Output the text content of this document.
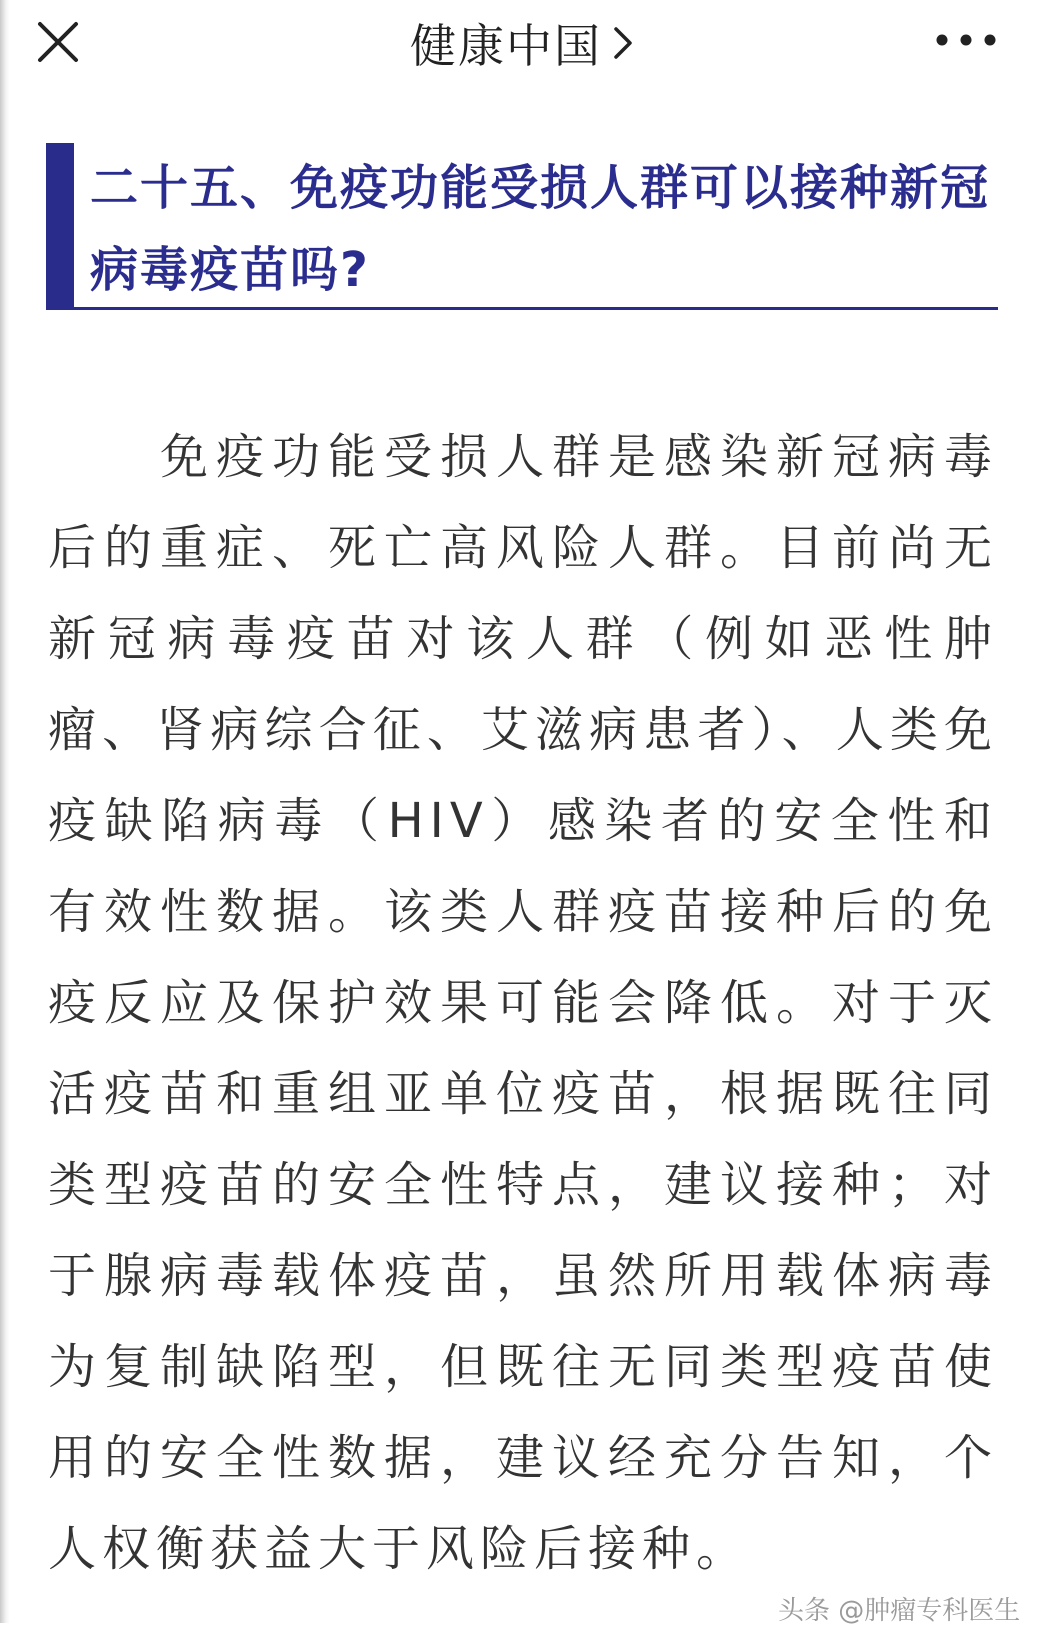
健康中国
二十五、免疫功能受损人群可以接种新冠病毒疫苗吗?

免疫功能受损人群是感染新冠病毒后的重症、死亡高风险人群。目前尚无新冠病毒疫苗对该人群（例如恶性肿瘤、肾病综合征、艾滋病患者）、人类免疫缺陷病毒（HIV）感染者的安全性和有效性数据。该类人群疫苗接种后的免疫反应及保护效果可能会降低。对于灭活疫苗和重组亚单位疫苗，根据既往同类型疫苗的安全性特点，建议接种；对于腺病毒载体疫苗，虽然所用载体病毒为复制缺陷型，但既往无同类型疫苗使用的安全性数据，建议经充分告知，个人权衡获益大于风险后接种。

头条 @肿瘤专科医生
